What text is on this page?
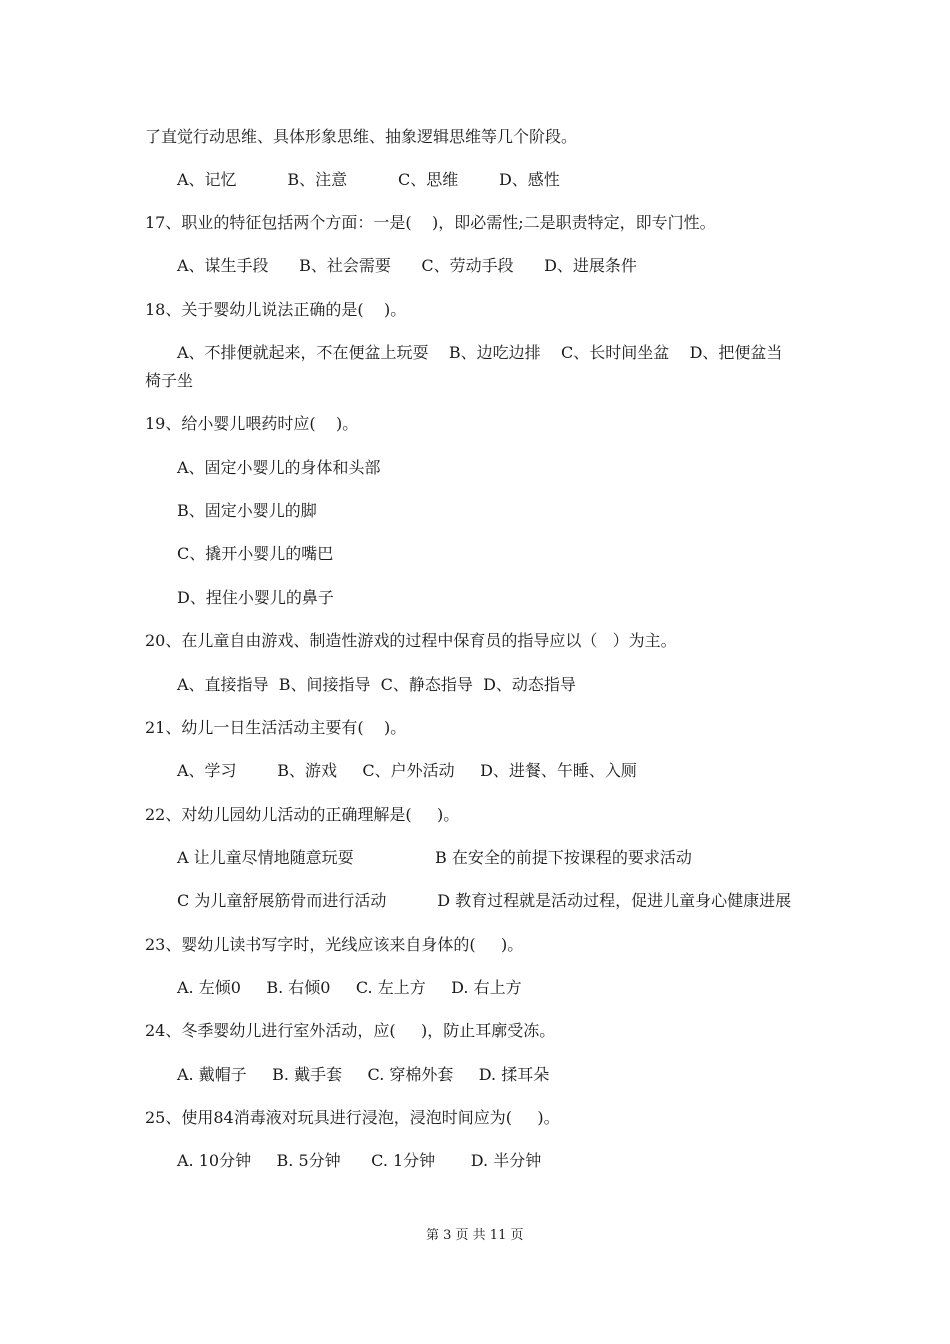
了直觉行动思维、具体形象思维、抽象逻辑思维等几个阶段。
A、记忆          B、注意          C、思维        D、感性
17、职业的特征包括两个方面：一是(    )，即必需性;二是职责特定，即专门性。
A、谋生手段      B、社会需要      C、劳动手段      D、进展条件
18、关于婴幼儿说法正确的是(    )。
A、不排便就起来，不在便盆上玩耍    B、边吃边排    C、长时间坐盆    D、把便盆当
椅子坐
19、给小婴儿喂药时应(    )。
A、固定小婴儿的身体和头部
B、固定小婴儿的脚
C、撬开小婴儿的嘴巴
D、捏住小婴儿的鼻子
20、在儿童自由游戏、制造性游戏的过程中保育员的指导应以（   ）为主。
A、直接指导  B、间接指导  C、静态指导  D、动态指导
21、幼儿一日生活活动主要有(    )。
A、学习        B、游戏     C、户外活动     D、进餐、午睡、入厕
22、对幼儿园幼儿活动的正确理解是(     )。
A 让儿童尽情地随意玩耍                B 在安全的前提下按课程的要求活动
C 为儿童舒展筋骨而进行活动          D 教育过程就是活动过程，促进儿童身心健康进展
23、婴幼儿读书写字时，光线应该来自身体的(     )。
A. 左倾0     B. 右倾0     C. 左上方     D. 右上方
24、冬季婴幼儿进行室外活动，应(     )，防止耳廓受冻。
A. 戴帽子     B. 戴手套     C. 穿棉外套     D. 揉耳朵
25、使用84消毒液对玩具进行浸泡，浸泡时间应为(     )。
A. 10分钟     B. 5分钟      C. 1分钟       D. 半分钟
第 3 页 共 11 页
